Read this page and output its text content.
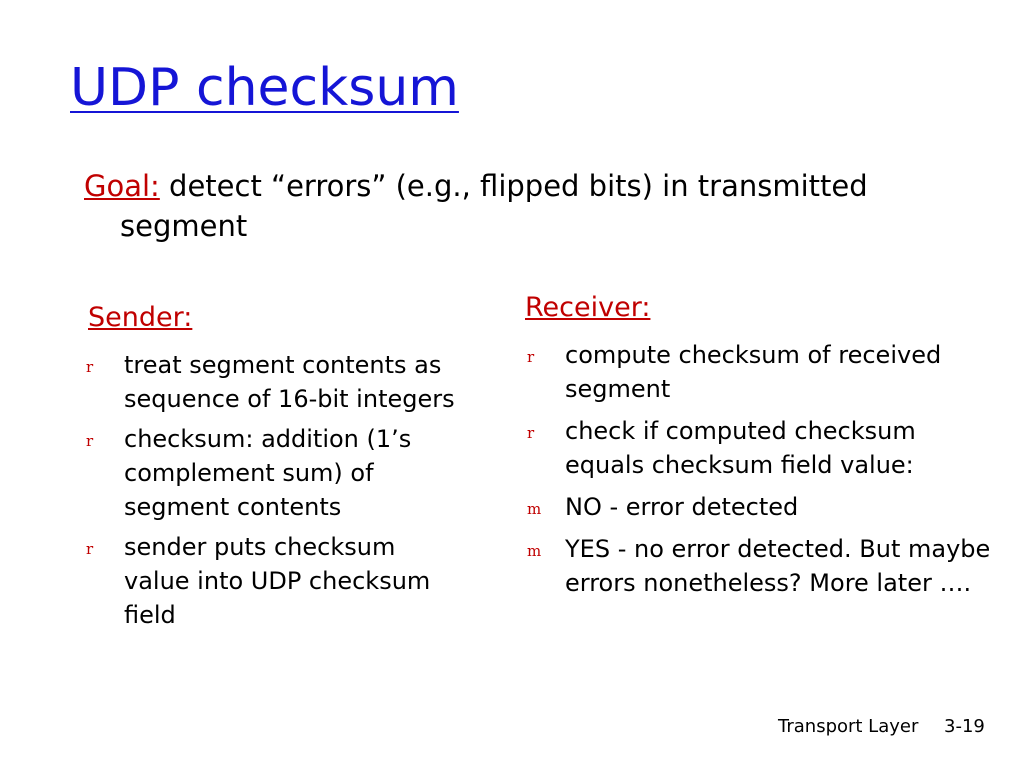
UDP checksum
Goal: detect “errors” (e.g., flipped bits) in transmitted
segment
Sender:
r treat segment contents as sequence of 16-bit integers
r checksum: addition (1’s complement sum) of segment contents
r sender puts checksum value into UDP checksum field
Receiver:
r compute checksum of received segment
r check if computed checksum equals checksum field value:
m NO - error detected
m YES - no error detected. But maybe errors nonetheless? More later ….
Transport Layer 3-19
